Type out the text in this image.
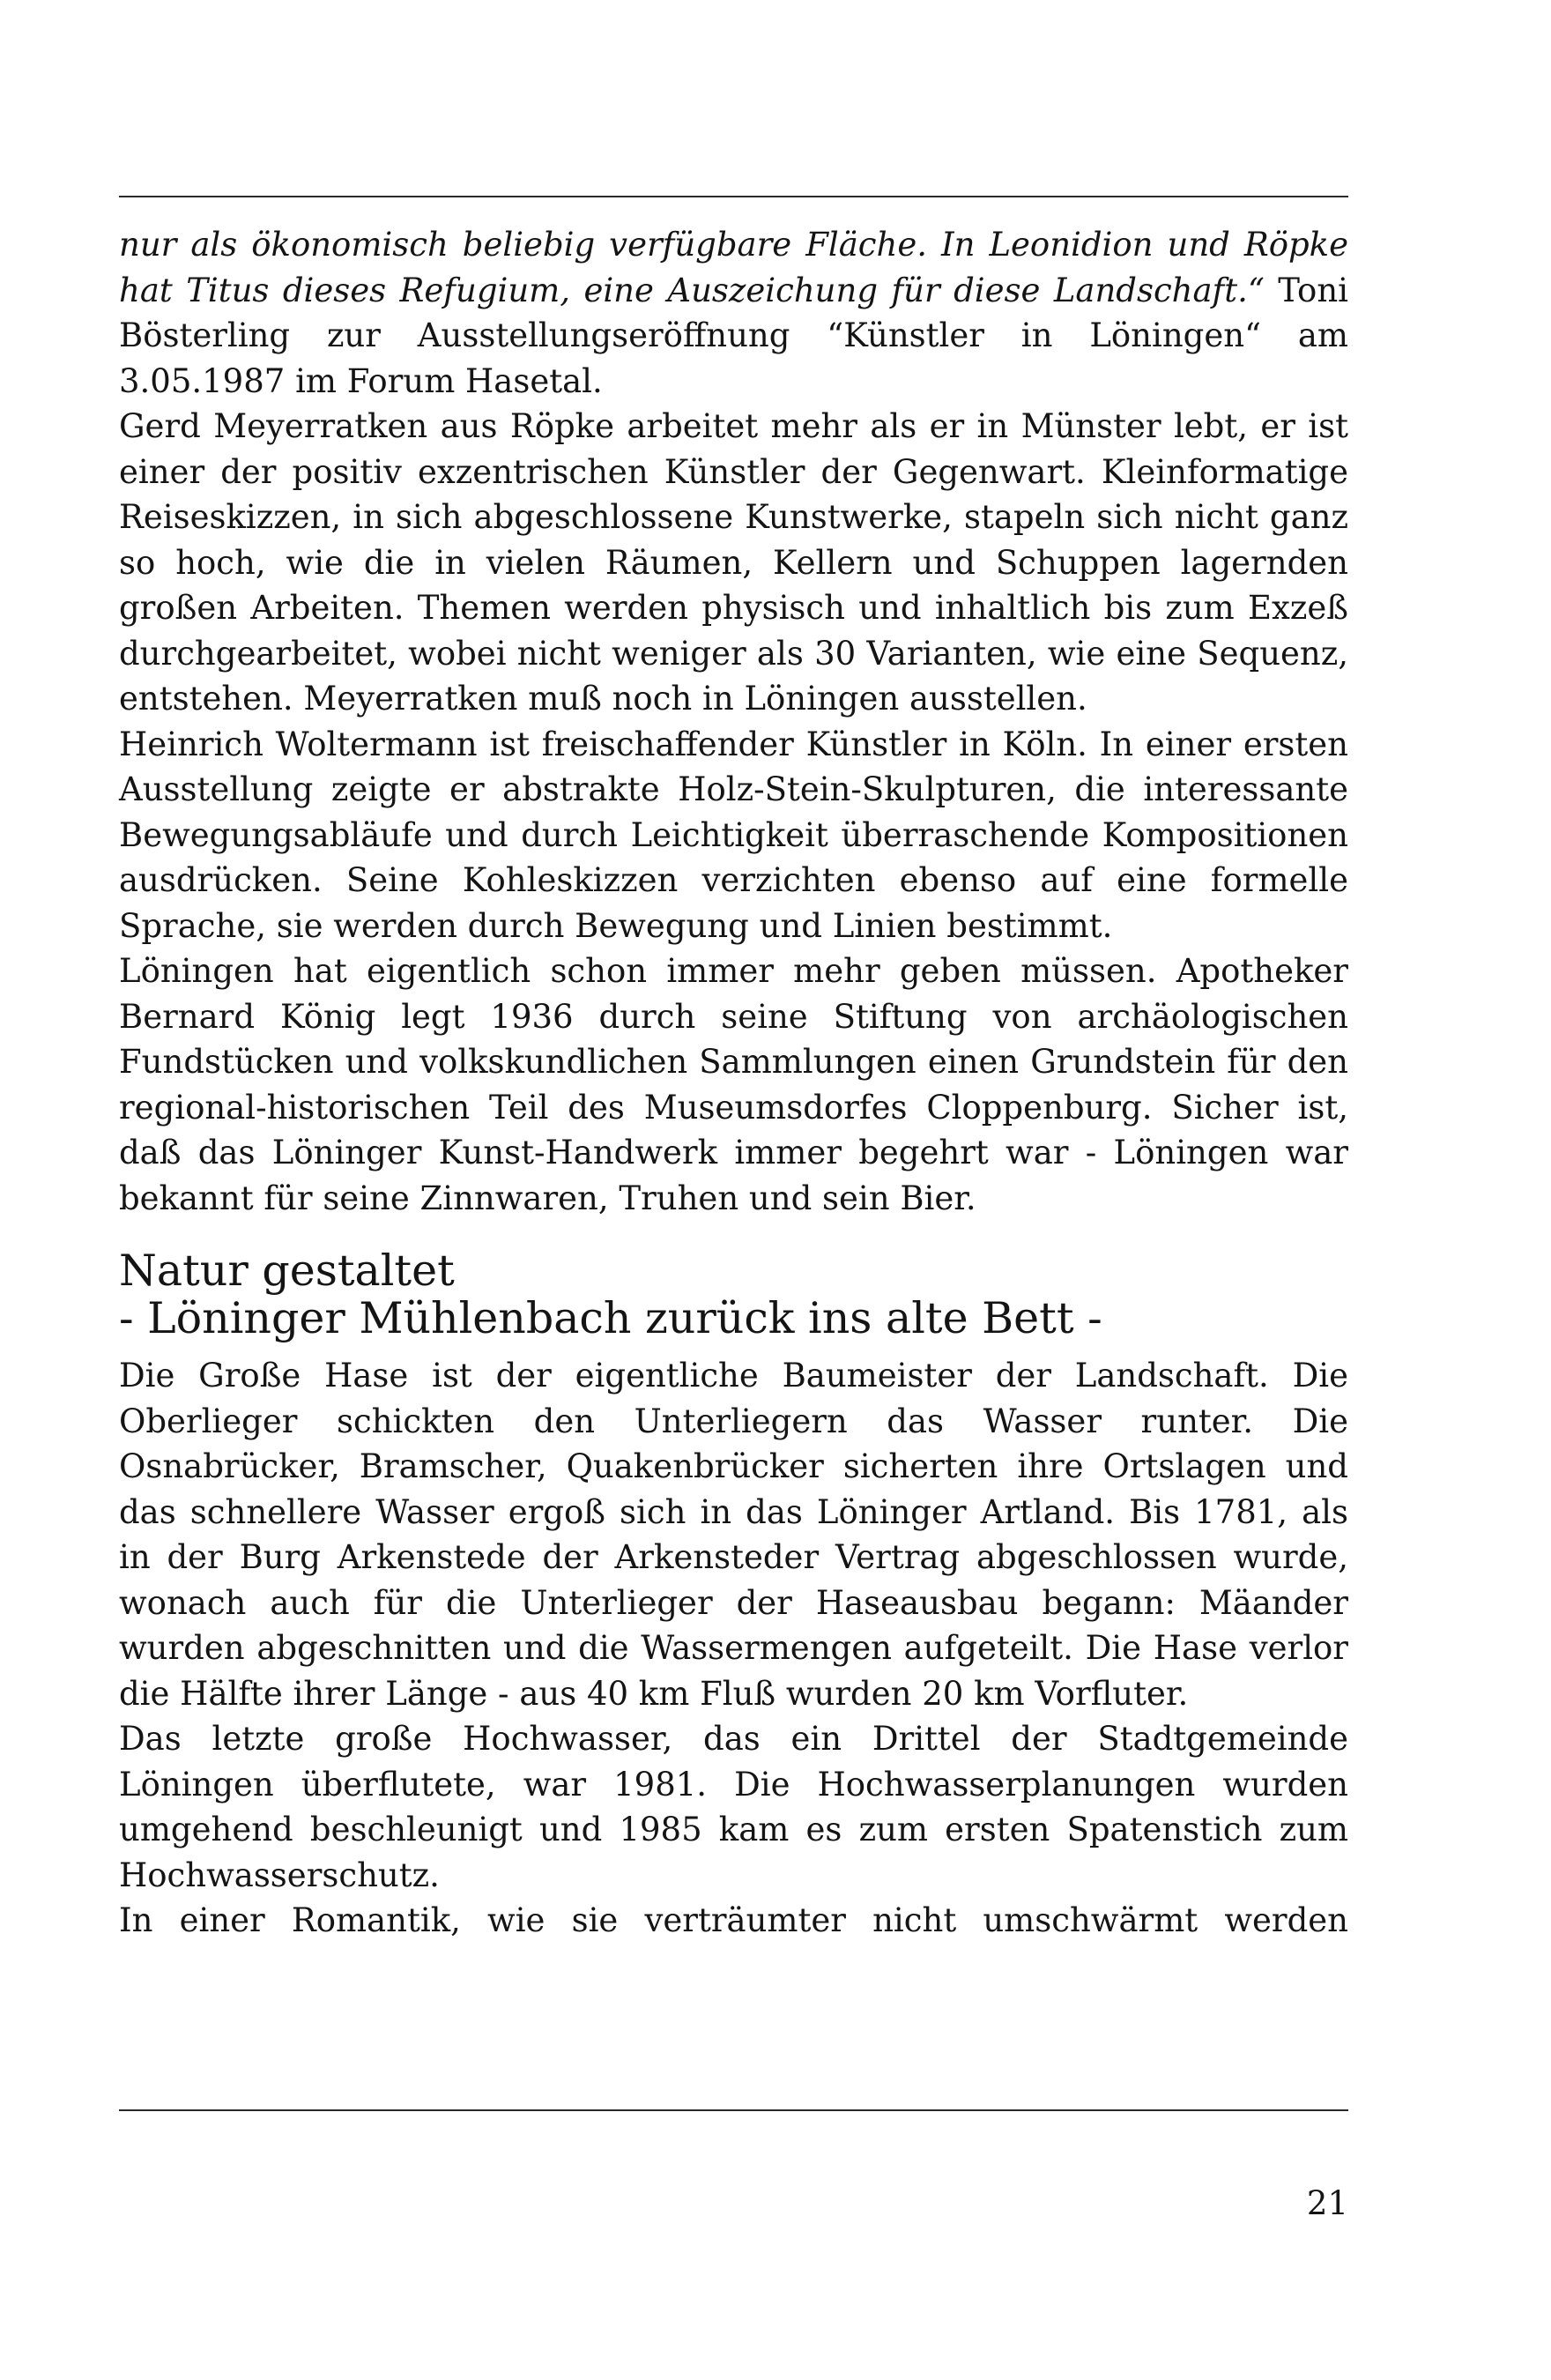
nur als ökonomisch beliebig verfügbare Fläche. In Leonidion und Röpke hat Titus dieses Refugium, eine Auszeichung für diese Landschaft.“ Toni Bösterling zur Ausstellungseröffnung “Künstler in Löningen“ am 3.05.1987 im Forum Hasetal.

Gerd Meyerratken aus Röpke arbeitet mehr als er in Münster lebt, er ist einer der positiv exzentrischen Künstler der Gegenwart. Kleinformatige Reiseskizzen, in sich abgeschlossene Kunstwerke, stapeln sich nicht ganz so hoch, wie die in vielen Räumen, Kellern und Schuppen lagernden großen Arbeiten. Themen werden physisch und inhaltlich bis zum Exzeß durchgearbeitet, wobei nicht weniger als 30 Varianten, wie eine Sequenz, entstehen. Meyerratken muß noch in Löningen ausstellen.

Heinrich Woltermann ist freischaffender Künstler in Köln. In einer ersten Ausstellung zeigte er abstrakte Holz-Stein-Skulpturen, die interessante Bewegungsabläufe und durch Leichtigkeit überraschende Kompositionen ausdrücken. Seine Kohleskizzen verzichten ebenso auf eine formelle Sprache, sie werden durch Bewegung und Linien bestimmt.

Löningen hat eigentlich schon immer mehr geben müssen. Apotheker Bernard König legt 1936 durch seine Stiftung von archäologischen Fundstücken und volkskundlichen Sammlungen einen Grundstein für den regional-historischen Teil des Museumsdorfes Cloppenburg. Sicher ist, daß das Löninger Kunst-Handwerk immer begehrt war - Löningen war bekannt für seine Zinnwaren, Truhen und sein Bier.

Natur gestaltet
- Löninger Mühlenbach zurück ins alte Bett -

Die Große Hase ist der eigentliche Baumeister der Landschaft. Die Oberlieger schickten den Unterliegern das Wasser runter. Die Osnabrücker, Bramscher, Quakenbrücker sicherten ihre Ortslagen und das schnellere Wasser ergoß sich in das Löninger Artland. Bis 1781, als in der Burg Arkenstede der Arkensteder Vertrag abgeschlossen wurde, wonach auch für die Unterlieger der Haseausbau begann: Mäander wurden abgeschnitten und die Wassermengen aufgeteilt. Die Hase verlor die Hälfte ihrer Länge - aus 40 km Fluß wurden 20 km Vorfluter.

Das letzte große Hochwasser, das ein Drittel der Stadtgemeinde Löningen überflutete, war 1981. Die Hochwasserplanungen wurden umgehend beschleunigt und 1985 kam es zum ersten Spatenstich zum Hochwasserschutz.

In einer Romantik, wie sie verträumter nicht umschwärmt werden

21
